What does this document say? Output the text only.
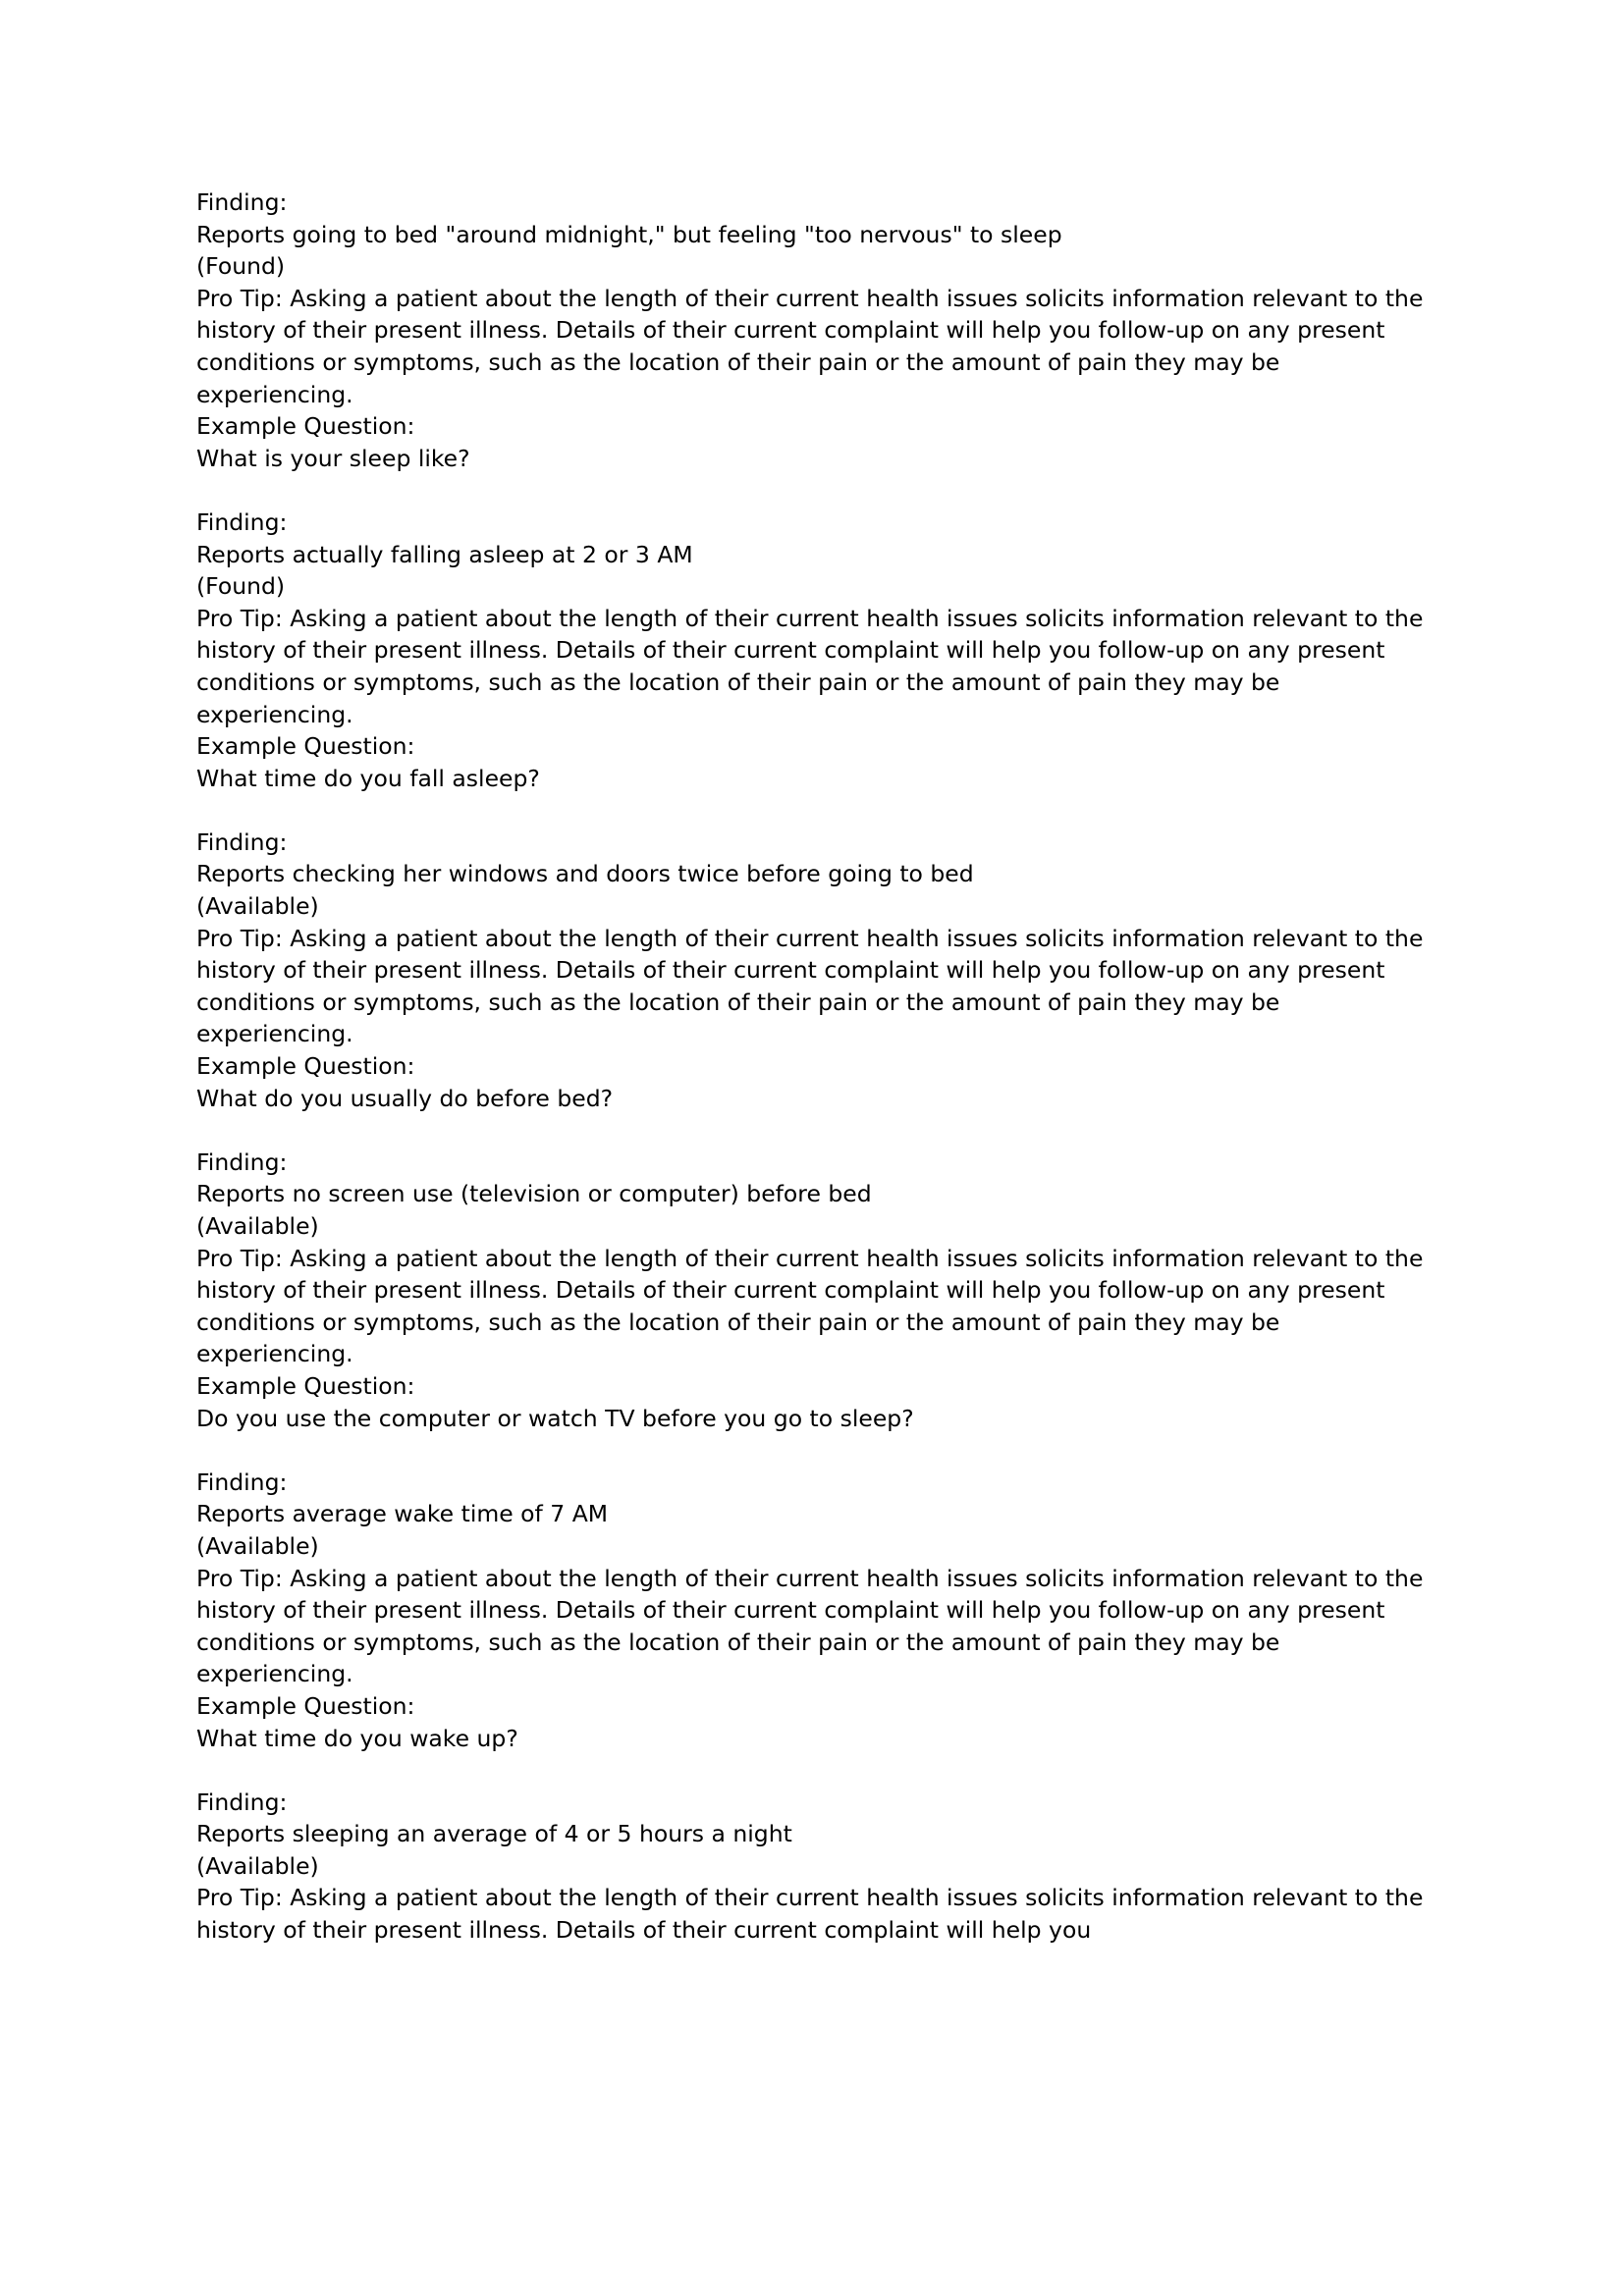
Finding:
Reports going to bed "around midnight," but feeling "too nervous" to sleep
(Found)
Pro Tip: Asking a patient about the length of their current health issues solicits information relevant to the history of their present illness. Details of their current complaint will help you follow-up on any present conditions or symptoms, such as the location of their pain or the amount of pain they may be experiencing.
Example Question:
What is your sleep like?
Finding:
Reports actually falling asleep at 2 or 3 AM
(Found)
Pro Tip: Asking a patient about the length of their current health issues solicits information relevant to the history of their present illness. Details of their current complaint will help you follow-up on any present conditions or symptoms, such as the location of their pain or the amount of pain they may be experiencing.
Example Question:
What time do you fall asleep?
Finding:
Reports checking her windows and doors twice before going to bed
(Available)
Pro Tip: Asking a patient about the length of their current health issues solicits information relevant to the history of their present illness. Details of their current complaint will help you follow-up on any present conditions or symptoms, such as the location of their pain or the amount of pain they may be experiencing.
Example Question:
What do you usually do before bed?
Finding:
Reports no screen use (television or computer) before bed
(Available)
Pro Tip: Asking a patient about the length of their current health issues solicits information relevant to the history of their present illness. Details of their current complaint will help you follow-up on any present conditions or symptoms, such as the location of their pain or the amount of pain they may be experiencing.
Example Question:
Do you use the computer or watch TV before you go to sleep?
Finding:
Reports average wake time of 7 AM
(Available)
Pro Tip: Asking a patient about the length of their current health issues solicits information relevant to the history of their present illness. Details of their current complaint will help you follow-up on any present conditions or symptoms, such as the location of their pain or the amount of pain they may be experiencing.
Example Question:
What time do you wake up?
Finding:
Reports sleeping an average of 4 or 5 hours a night
(Available)
Pro Tip: Asking a patient about the length of their current health issues solicits information relevant to the history of their present illness. Details of their current complaint will help you
